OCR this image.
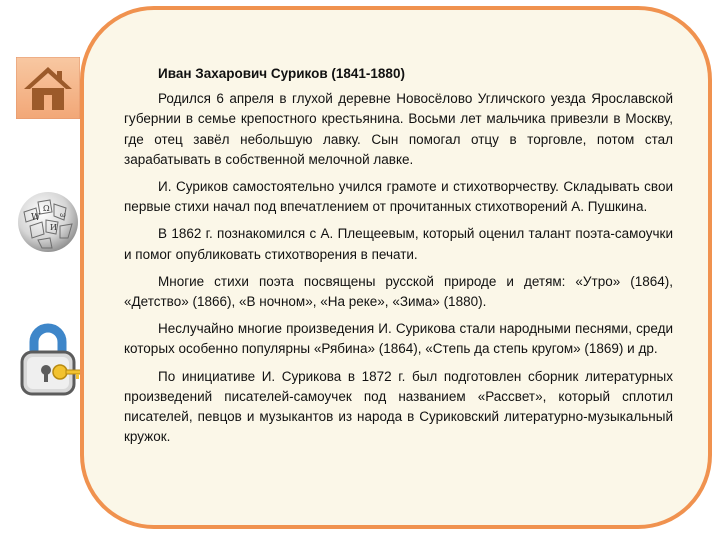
W
Ω
И
ω

Иван Захарович Суриков (1841-1880)

Родился 6 апреля в глухой деревне Новосёлово Угличского уезда Ярославской губернии в семье крепостного крестьянина. Восьми лет мальчика привезли в Москву, где отец завёл небольшую лавку. Сын помогал отцу в торговле, потом стал зарабатывать в собственной мелочной лавке.

И. Суриков самостоятельно учился грамоте и стихотворчеству. Складывать свои первые стихи начал под впечатлением от прочитанных стихотворений А. Пушкина.

В 1862 г. познакомился с А. Плещеевым, который оценил талант поэта-самоучки и помог опубликовать стихотворения в печати.

Многие стихи поэта посвящены русской природе и детям: «Утро» (1864), «Детство» (1866), «В ночном», «На реке», «Зима» (1880).

Неслучайно многие произведения И. Сурикова стали народными песнями, среди которых особенно популярны «Рябина» (1864), «Степь да степь кругом» (1869) и др.

По инициативе И. Сурикова в 1872 г. был подготовлен сборник литературных произведений писателей-самоучек под названием «Рассвет», который сплотил писателей, певцов и музыкантов из народа в Суриковский литературно-музыкальный кружок.
